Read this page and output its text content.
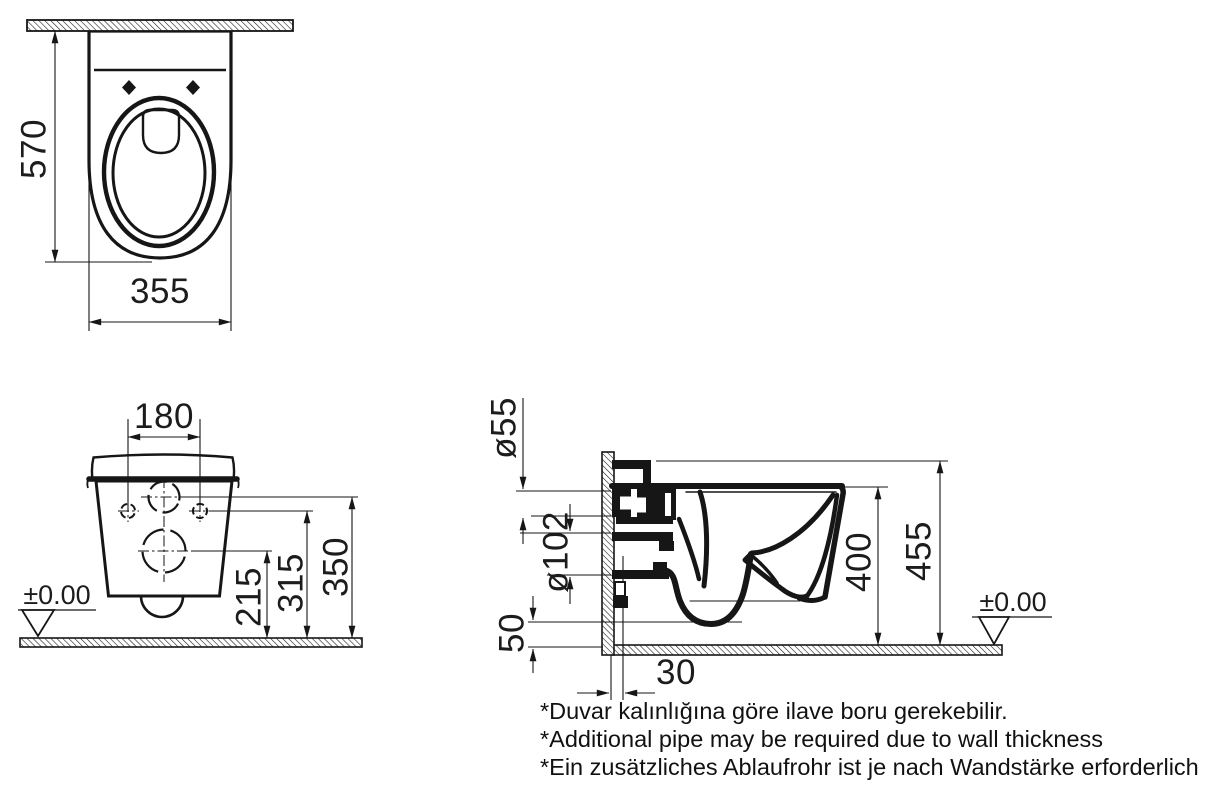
570
355
±0.00
180
215 315 350
ø55
ø102
50
30
400 455
±0.00
*Duvar kalınlığına göre ilave boru gerekebilir.
*Additional pipe may be required due to wall thickness
*Ein zusätzliches Ablaufrohr ist je nach Wandstärke erforderlich
